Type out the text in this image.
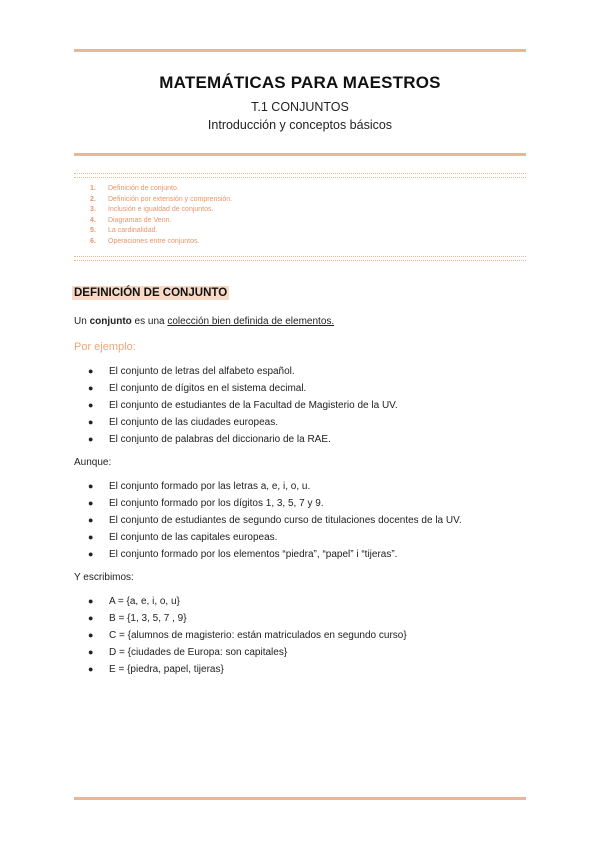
MATEMÁTICAS PARA MAESTROS
T.1 CONJUNTOS
Introducción y conceptos básicos
1. Definición de conjunto.
2. Definición por extensión y comprensión.
3. Inclusión e igualdad de conjuntos.
4. Diagramas de Venn.
5. La cardinalidad.
6. Operaciones entre conjuntos.
DEFINICIÓN DE CONJUNTO
Un conjunto es una colección bien definida de elementos.
Por ejemplo:
● El conjunto de letras del alfabeto español.
● El conjunto de dígitos en el sistema decimal.
● El conjunto de estudiantes de la Facultad de Magisterio de la UV.
● El conjunto de las ciudades europeas.
● El conjunto de palabras del diccionario de la RAE.
Aunque:
● El conjunto formado por las letras a, e, i, o, u.
● El conjunto formado por los dígitos 1, 3, 5, 7 y 9.
● El conjunto de estudiantes de segundo curso de titulaciones docentes de la UV.
● El conjunto de las capitales europeas.
● El conjunto formado por los elementos “piedra”, “papel” i “tijeras”.
Y escribimos:
● A = {a, e, i, o, u}
● B = {1, 3, 5, 7 , 9}
● C = {alumnos de magisterio: están matriculados en segundo curso}
● D = {ciudades de Europa: son capitales}
● E = {piedra, papel, tijeras}
